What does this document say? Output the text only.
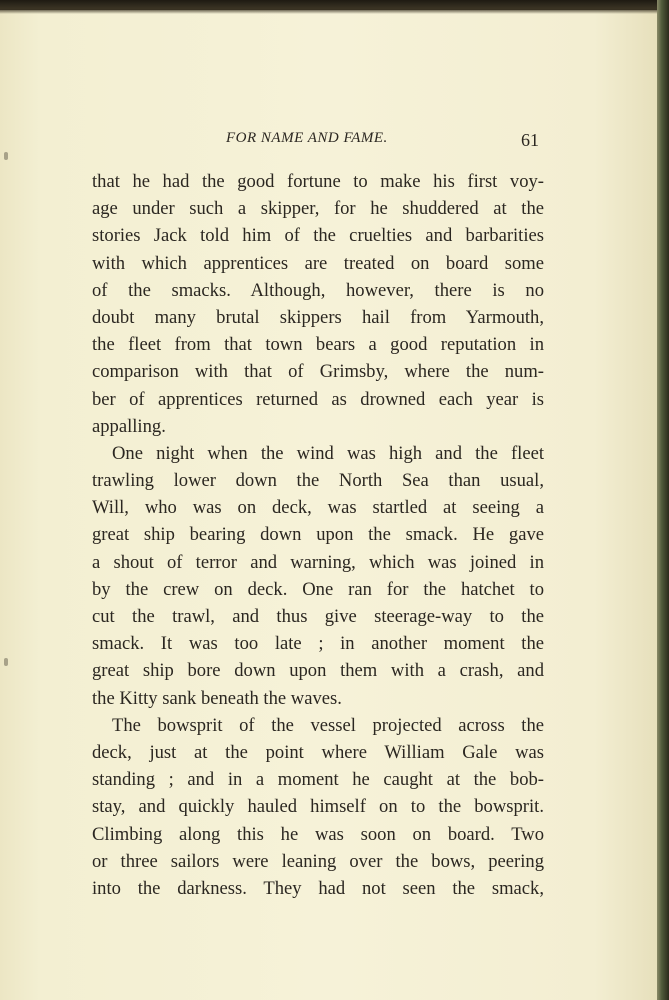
FOR NAME AND FAME.	61
that he had the good fortune to make his first voy-
age under such a skipper, for he shuddered at the
stories Jack told him of the cruelties and barbarities
with which apprentices are treated on board some
of the smacks. Although, however, there is no
doubt many brutal skippers hail from Yarmouth,
the fleet from that town bears a good reputation in
comparison with that of Grimsby, where the num-
ber of apprentices returned as drowned each year is
appalling.
One night when the wind was high and the fleet
trawling lower down the North Sea than usual,
Will, who was on deck, was startled at seeing a
great ship bearing down upon the smack. He gave
a shout of terror and warning, which was joined in
by the crew on deck. One ran for the hatchet to
cut the trawl, and thus give steerage-way to the
smack. It was too late ; in another moment the
great ship bore down upon them with a crash, and
the Kitty sank beneath the waves.
The bowsprit of the vessel projected across the
deck, just at the point where William Gale was
standing ; and in a moment he caught at the bob-
stay, and quickly hauled himself on to the bowsprit.
Climbing along this he was soon on board. Two
or three sailors were leaning over the bows, peering
into the darkness. They had not seen the smack,
